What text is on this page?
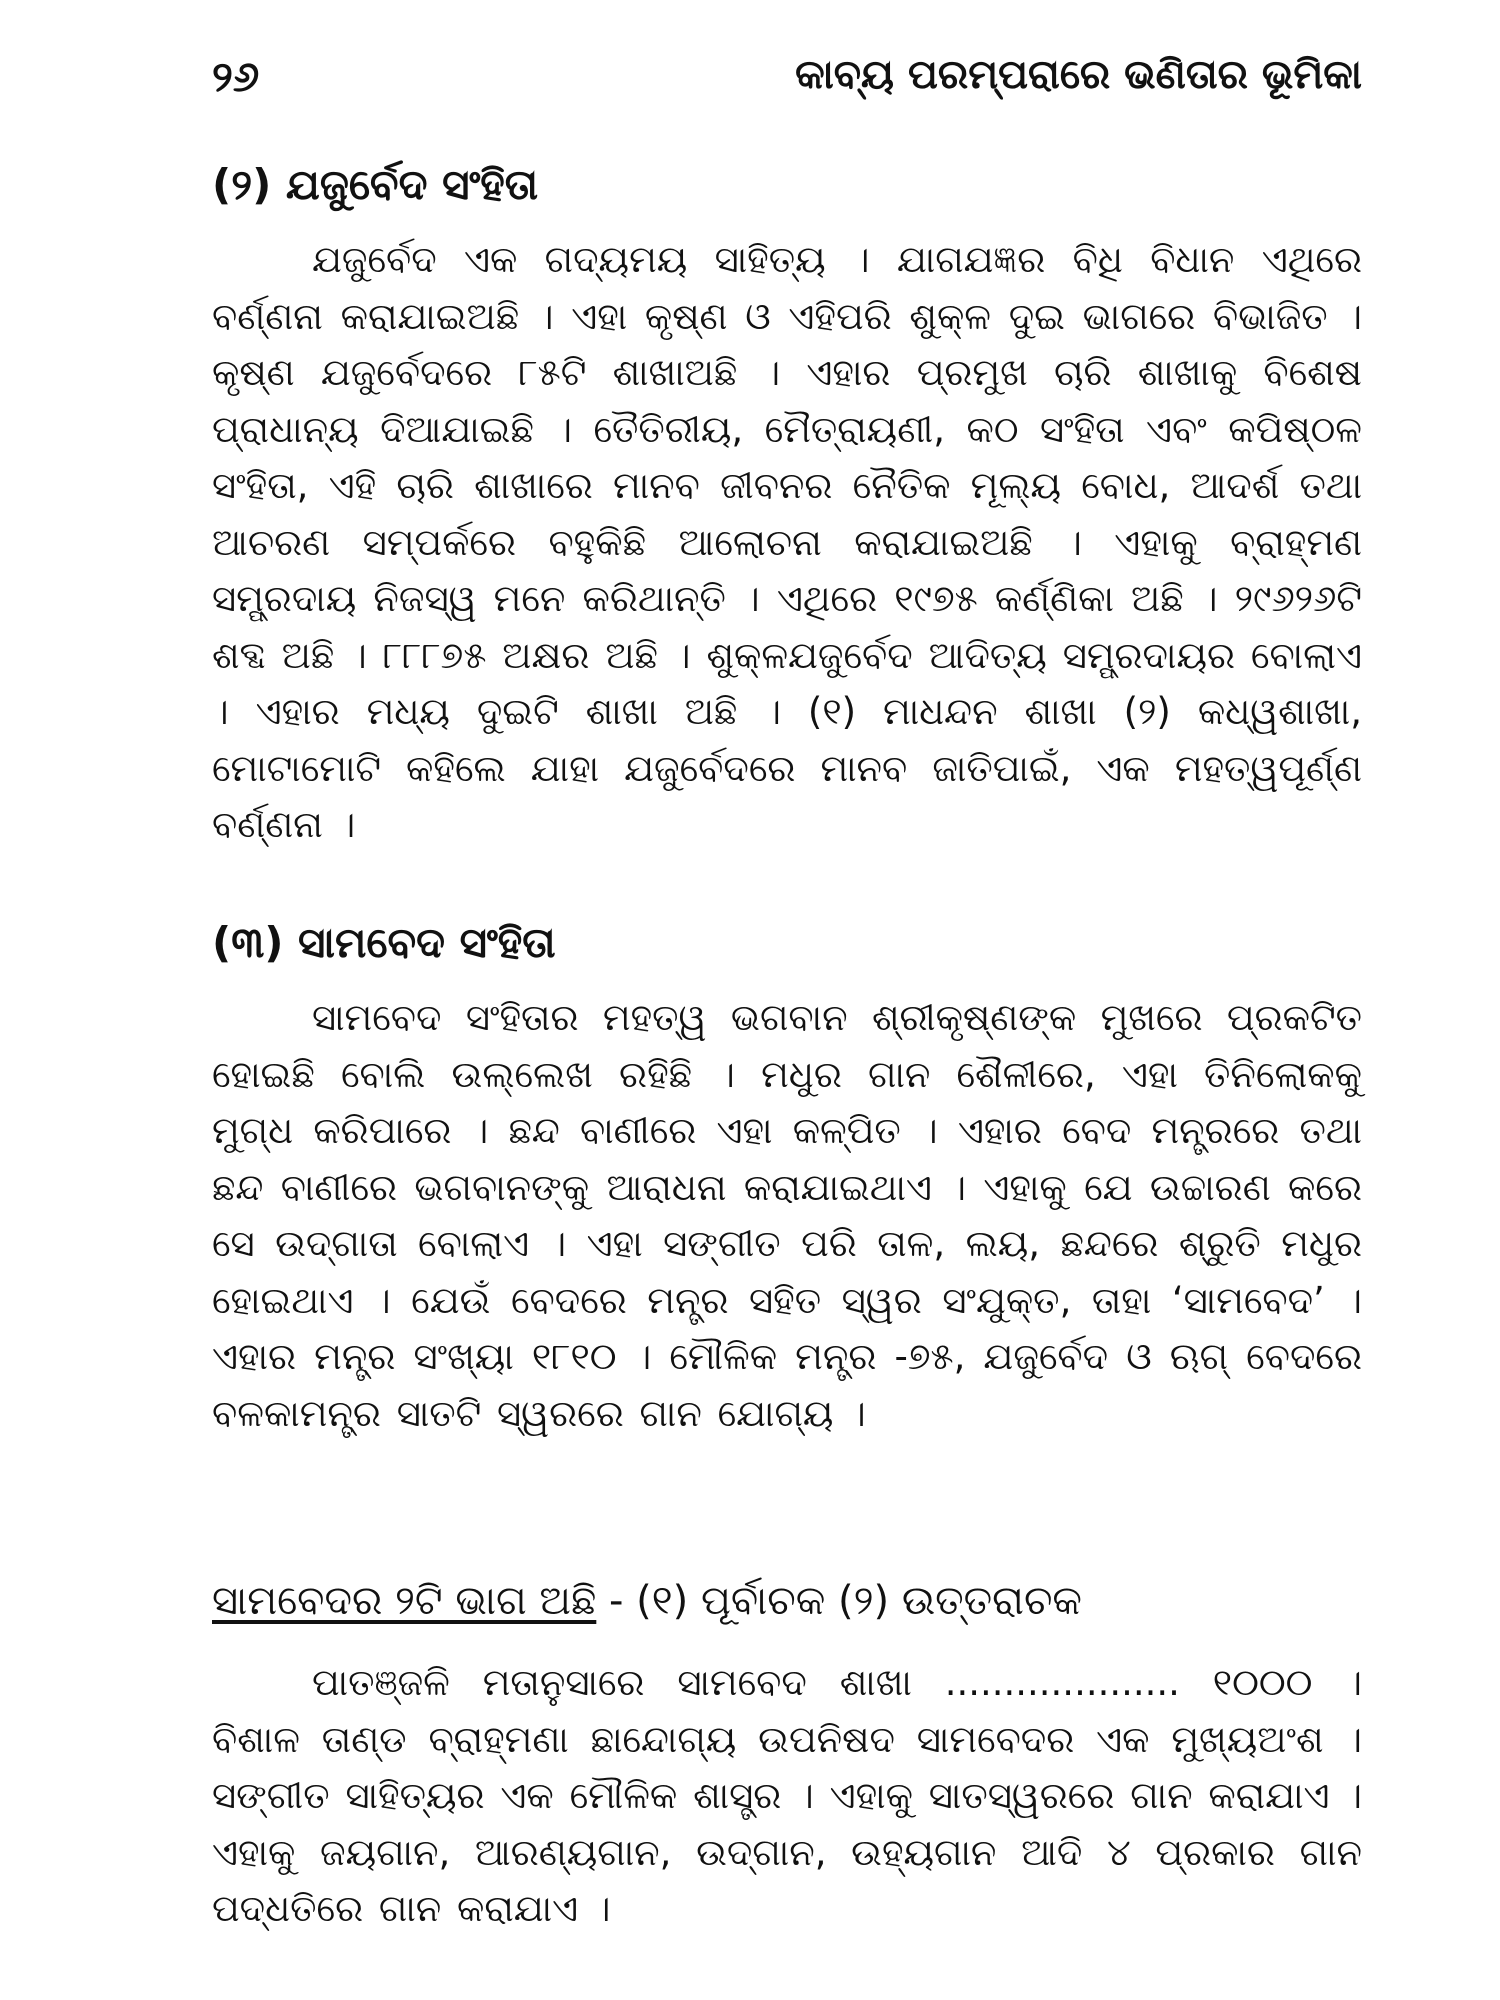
୨୬	କାବ୍ୟ ପରମ୍ପରାରେ ଭଣିତାର ଭୂମିକା
(୨) ଯଜୁର୍ବେଦ ସଂହିତା

ଯଜୁର୍ବେଦ ଏକ ଗଦ୍ୟମୟ ସାହିତ୍ୟ । ଯାଗଯଜ୍ଞର ବିଧି ବିଧାନ ଏଥିରେ ବର୍ଣ୍ଣନା କରାଯାଇଅଛି । ଏହା କୃଷ୍ଣ ଓ ଏହିପରି ଶୁକ୍ଳ ଦୁଇ ଭାଗରେ ବିଭାଜିତ । କୃଷ୍ଣ ଯଜୁର୍ବେଦରେ ୮୫ଟି ଶାଖାଅଛି । ଏହାର ପ୍ରମୁଖ ଚାରି ଶାଖାକୁ ବିଶେଷ ପ୍ରାଧାନ୍ୟ ଦିଆଯାଇଛି । ତୈତିରୀୟ, ମୈତ୍ରାୟଣୀ, କଠ ସଂହିତା ଏବଂ କପିଷ୍ଠଳ ସଂହିତା, ଏହି ଚାରି ଶାଖାରେ ମାନବ ଜୀବନର ନୈତିକ ମୂଲ୍ୟ ବୋଧ, ଆଦର୍ଶ ତଥା ଆଚରଣ ସମ୍ପର୍କରେ ବହୁକିଛି ଆଲୋଚନା କରାଯାଇଅଛି । ଏହାକୁ ବ୍ରାହ୍ମଣ ସମ୍ପ୍ରଦାୟ ନିଜସ୍ୱ ମନେ କରିଥାନ୍ତି । ଏଥିରେ ୧୯୭୫ କର୍ଣ୍ଣିକା ଅଛି । ୨୯୬୨୬ଟି ଶବ୍ଦ ଅଛି । ୮୮୮୭୫ ଅକ୍ଷର ଅଛି । ଶୁକ୍ଳଯଜୁର୍ବେଦ ଆଦିତ୍ୟ ସମ୍ପ୍ରଦାୟର ବୋଲାଏ । ଏହାର ମଧ୍ୟ ଦୁଇଟି ଶାଖା ଅଛି । (୧) ମାଧନ୍ଦନ ଶାଖା (୨) କଧ୍ୱଶାଖା, ମୋଟାମୋଟି କହିଲେ ଯାହା ଯଜୁର୍ବେଦରେ ମାନବ ଜାତିପାଇଁ, ଏକ ମହତ୍ୱପୂର୍ଣ୍ଣ ବର୍ଣ୍ଣନା ।

(୩) ସାମବେଦ ସଂହିତା

ସାମବେଦ ସଂହିତାର ମହତ୍ୱ ଭଗବାନ ଶ୍ରୀକୃଷ୍ଣଙ୍କ ମୁଖରେ ପ୍ରକଟିତ ହୋଇଛି ବୋଲି ଉଲ୍ଲେଖ ରହିଛି । ମଧୁର ଗାନ ଶୈଳୀରେ, ଏହା ତିନିଲୋକକୁ ମୁଗ୍ଧ କରିପାରେ । ଛନ୍ଦ ବାଣୀରେ ଏହା କଳ୍ପିତ । ଏହାର ବେଦ ମନ୍ତ୍ରରେ ତଥା ଛନ୍ଦ ବାଣୀରେ ଭଗବାନଙ୍କୁ ଆରାଧନା କରାଯାଇଥାଏ । ଏହାକୁ ଯେ ଉଚ୍ଚାରଣ କରେ ସେ ଉଦ୍‌ଗାତା ବୋଲାଏ । ଏହା ସଙ୍ଗୀତ ପରି ତାଳ, ଲୟ, ଛନ୍ଦରେ ଶ୍ରୁତି ମଧୁର ହୋଇଥାଏ । ଯେଉଁ ବେଦରେ ମନ୍ତ୍ର ସହିତ ସ୍ୱର ସଂଯୁକ୍ତ, ତାହା ‘ସାମବେଦ’ । ଏହାର ମନ୍ତ୍ର ସଂଖ୍ୟା ୧୮୧୦ । ମୌଳିକ ମନ୍ତ୍ର -୭୫, ଯଜୁର୍ବେଦ ଓ ଋଗ୍ ବେଦରେ ବଳକାମନ୍ତ୍ର ସାତଟି ସ୍ୱରରେ ଗାନ ଯୋଗ୍ୟ ।

ସାମବେଦର ୨ଟି ଭାଗ ଅଛି - (୧) ପୂର୍ବାଚକ (୨) ଉତ୍ତରାଚକ

ପାତଞ୍ଜଳି ମତାନୁସାରେ ସାମବେଦ ଶାଖା .................... ୧୦୦୦ । ବିଶାଳ ତାଣ୍ଡ ବ୍ରାହ୍ମଣା ଛାନ୍ଦୋଗ୍ୟ ଉପନିଷଦ ସାମବେଦର ଏକ ମୁଖ୍ୟଅଂଶ । ସଙ୍ଗୀତ ସାହିତ୍ୟର ଏକ ମୌଳିକ ଶାସ୍ତ୍ର । ଏହାକୁ ସାତସ୍ୱରରେ ଗାନ କରାଯାଏ । ଏହାକୁ ଜୟଗାନ, ଆରଣ୍ୟଗାନ, ଉଦ୍‌ଗାନ, ଉହ୍ୟଗାନ ଆଦି ୪ ପ୍ରକାର ଗାନ ପଦ୍ଧତିରେ ଗାନ କରାଯାଏ ।
